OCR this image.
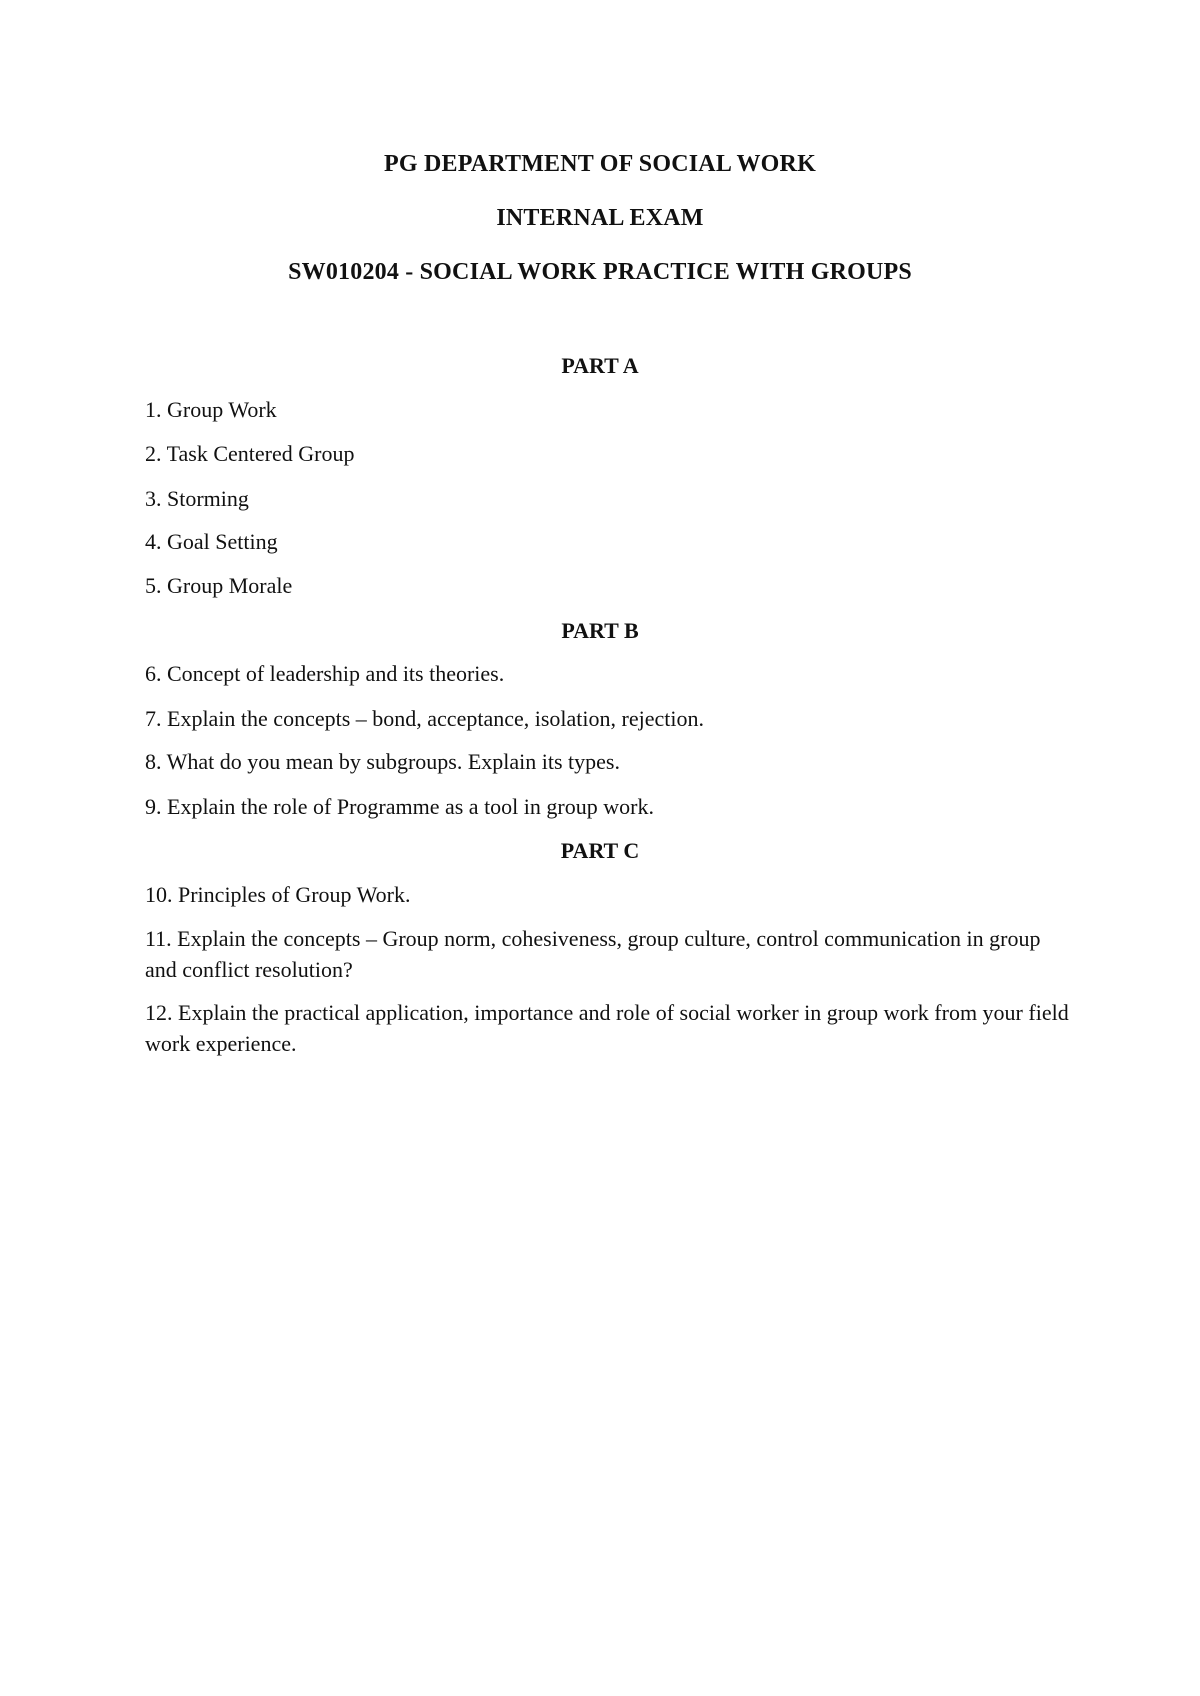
PG DEPARTMENT OF SOCIAL WORK
INTERNAL EXAM
SW010204 - SOCIAL WORK PRACTICE WITH GROUPS
PART A
1. Group Work
2. Task Centered Group
3. Storming
4. Goal Setting
5. Group Morale
PART B
6. Concept of leadership and its theories.
7. Explain the concepts – bond, acceptance, isolation, rejection.
8. What do you mean by subgroups. Explain its types.
9. Explain the role of Programme as a tool in group work.
PART C
10. Principles of Group Work.
11. Explain the concepts – Group norm, cohesiveness, group culture, control communication in group and conflict resolution?
12. Explain the practical application, importance and role of social worker in group work from your field work experience.
